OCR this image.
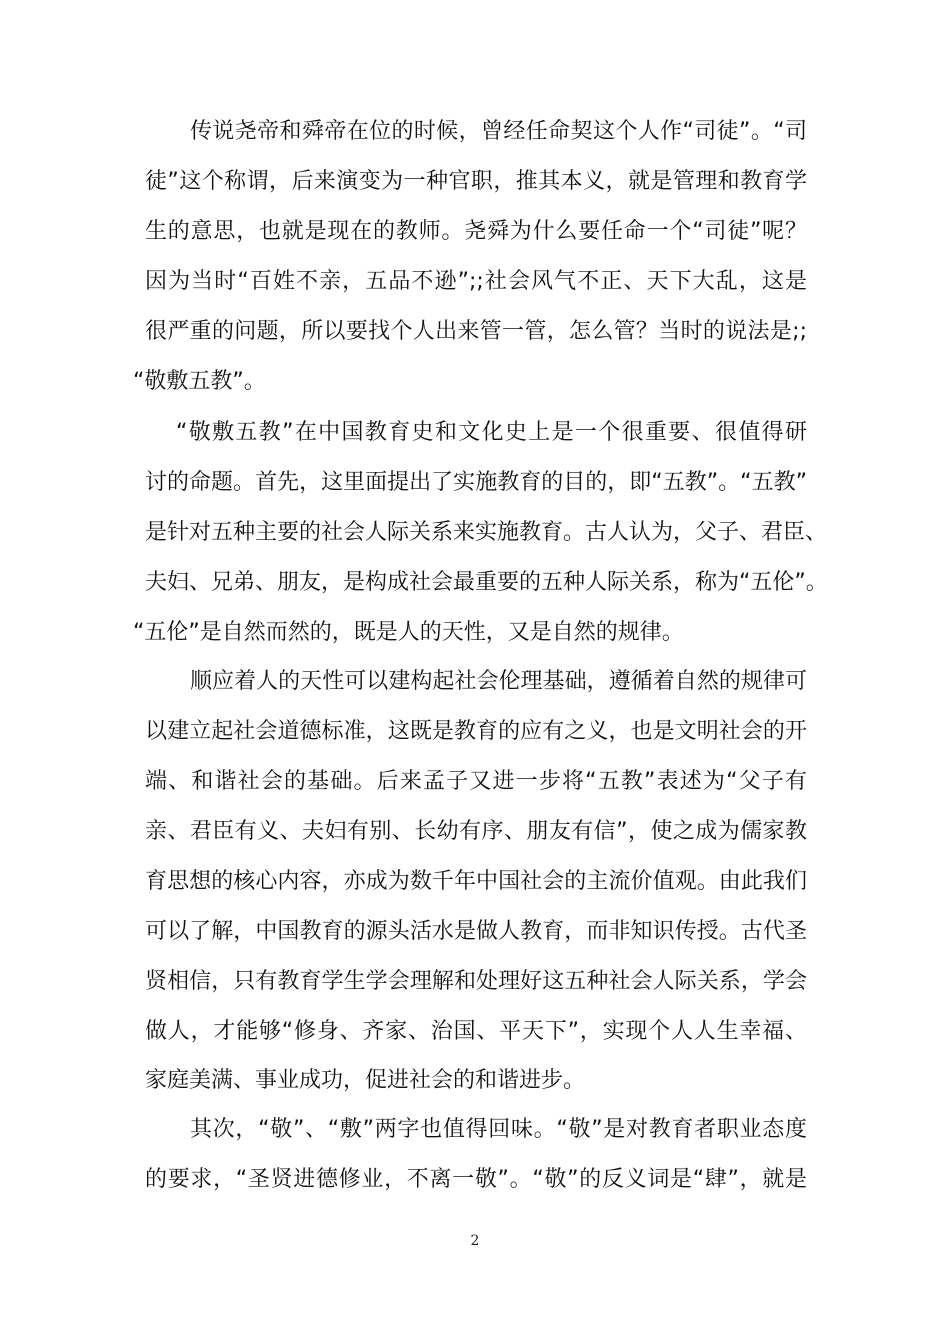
传说尧帝和舜帝在位的时候，曾经任命契这个人作“司徒”。“司
徒”这个称谓，后来演变为一种官职，推其本义，就是管理和教育学
生的意思，也就是现在的教师。尧舜为什么要任命一个“司徒”呢？
因为当时“百姓不亲，五品不逊”;;社会风气不正、天下大乱，这是
很严重的问题，所以要找个人出来管一管，怎么管？当时的说法是;;
“敬敷五教”。
“敬敷五教”在中国教育史和文化史上是一个很重要、很值得研
讨的命题。首先，这里面提出了实施教育的目的，即“五教”。“五教”
是针对五种主要的社会人际关系来实施教育。古人认为，父子、君臣、
夫妇、兄弟、朋友，是构成社会最重要的五种人际关系，称为“五伦”。
“五伦”是自然而然的，既是人的天性，又是自然的规律。
顺应着人的天性可以建构起社会伦理基础，遵循着自然的规律可
以建立起社会道德标准，这既是教育的应有之义，也是文明社会的开
端、和谐社会的基础。后来孟子又进一步将“五教”表述为“父子有
亲、君臣有义、夫妇有别、长幼有序、朋友有信”，使之成为儒家教
育思想的核心内容，亦成为数千年中国社会的主流价值观。由此我们
可以了解，中国教育的源头活水是做人教育，而非知识传授。古代圣
贤相信，只有教育学生学会理解和处理好这五种社会人际关系，学会
做人，才能够“修身、齐家、治国、平天下”，实现个人人生幸福、
家庭美满、事业成功，促进社会的和谐进步。
其次，“敬”、“敷”两字也值得回味。“敬”是对教育者职业态度
的要求，“圣贤进德修业，不离一敬”。“敬”的反义词是“肆”，就是
2
